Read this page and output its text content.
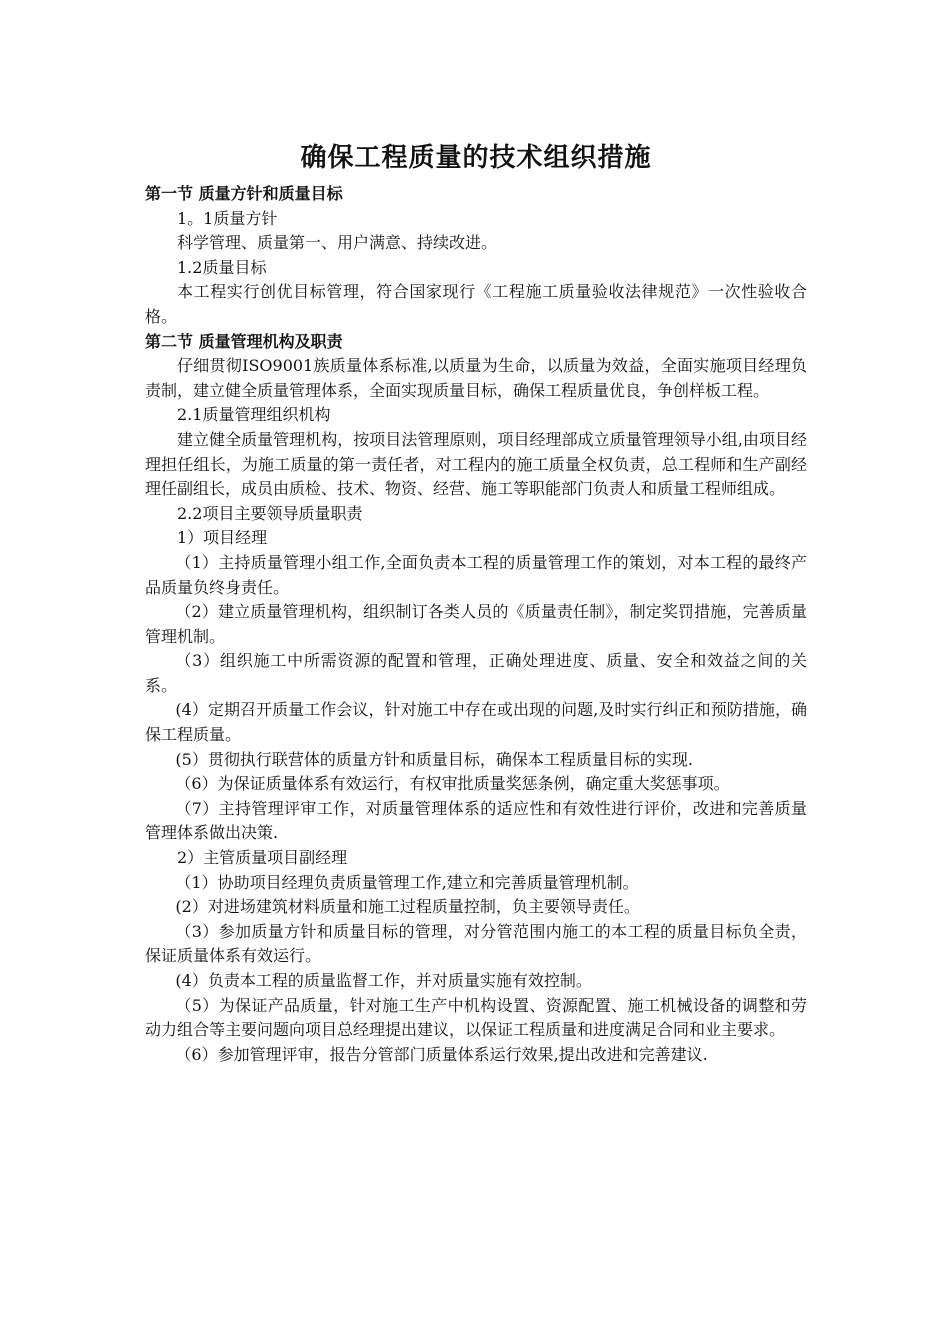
确保工程质量的技术组织措施
第一节 质量方针和质量目标

1。1质量方针

科学管理、质量第一、用户满意、持续改进。

1.2质量目标

本工程实行创优目标管理，符合国家现行《工程施工质量验收法律规范》一次性验收合格。

第二节 质量管理机构及职责

仔细贯彻ISO9001族质量体系标准,以质量为生命，以质量为效益，全面实施项目经理负责制，建立健全质量管理体系，全面实现质量目标，确保工程质量优良，争创样板工程。

2.1质量管理组织机构

建立健全质量管理机构，按项目法管理原则，项目经理部成立质量管理领导小组,由项目经理担任组长，为施工质量的第一责任者，对工程内的施工质量全权负责，总工程师和生产副经理任副组长，成员由质检、技术、物资、经营、施工等职能部门负责人和质量工程师组成。

2.2项目主要领导质量职责

1）项目经理

（1）主持质量管理小组工作,全面负责本工程的质量管理工作的策划，对本工程的最终产品质量负终身责任。

（2）建立质量管理机构，组织制订各类人员的《质量责任制》，制定奖罚措施，完善质量管理机制。

（3）组织施工中所需资源的配置和管理，正确处理进度、质量、安全和效益之间的关系。

(4）定期召开质量工作会议，针对施工中存在或出现的问题,及时实行纠正和预防措施，确保工程质量。

(5）贯彻执行联营体的质量方针和质量目标，确保本工程质量目标的实现.

（6）为保证质量体系有效运行，有权审批质量奖惩条例，确定重大奖惩事项。

（7）主持管理评审工作，对质量管理体系的适应性和有效性进行评价，改进和完善质量管理体系做出决策.

2）主管质量项目副经理

（1）协助项目经理负责质量管理工作,建立和完善质量管理机制。

(2）对进场建筑材料质量和施工过程质量控制，负主要领导责任。

（3）参加质量方针和质量目标的管理，对分管范围内施工的本工程的质量目标负全责，保证质量体系有效运行。

(4）负责本工程的质量监督工作，并对质量实施有效控制。

（5）为保证产品质量，针对施工生产中机构设置、资源配置、施工机械设备的调整和劳动力组合等主要问题向项目总经理提出建议，以保证工程质量和进度满足合同和业主要求。

（6）参加管理评审，报告分管部门质量体系运行效果,提出改进和完善建议.
